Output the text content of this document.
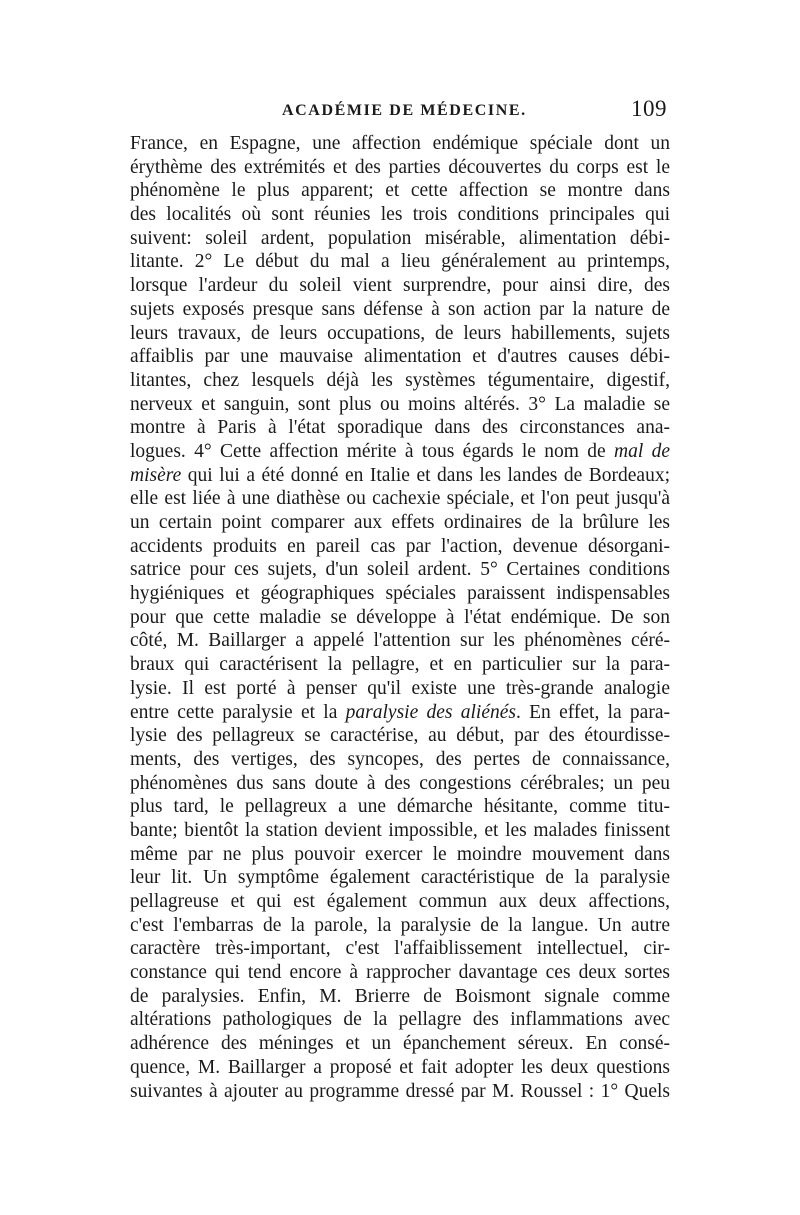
ACADÉMIE DE MÉDECINE.	109
France, en Espagne, une affection endémique spéciale dont un
érythème des extrémités et des parties découvertes du corps est le
phénomène le plus apparent; et cette affection se montre dans
des localités où sont réunies les trois conditions principales qui
suivent: soleil ardent, population misérable, alimentation débi-
litante. 2° Le début du mal a lieu généralement au printemps,
lorsque l'ardeur du soleil vient surprendre, pour ainsi dire, des
sujets exposés presque sans défense à son action par la nature de
leurs travaux, de leurs occupations, de leurs habillements, sujets
affaiblis par une mauvaise alimentation et d'autres causes débi-
litantes, chez lesquels déjà les systèmes tégumentaire, digestif,
nerveux et sanguin, sont plus ou moins altérés. 3° La maladie se
montre à Paris à l'état sporadique dans des circonstances ana-
logues. 4° Cette affection mérite à tous égards le nom de mal de
misère qui lui a été donné en Italie et dans les landes de Bordeaux;
elle est liée à une diathèse ou cachexie spéciale, et l'on peut jusqu'à
un certain point comparer aux effets ordinaires de la brûlure les
accidents produits en pareil cas par l'action, devenue désorgani-
satrice pour ces sujets, d'un soleil ardent. 5° Certaines conditions
hygiéniques et géographiques spéciales paraissent indispensables
pour que cette maladie se développe à l'état endémique. De son
côté, M. Baillarger a appelé l'attention sur les phénomènes céré-
braux qui caractérisent la pellagre, et en particulier sur la para-
lysie. Il est porté à penser qu'il existe une très-grande analogie
entre cette paralysie et la paralysie des aliénés. En effet, la para-
lysie des pellagreux se caractérise, au début, par des étourdisse-
ments, des vertiges, des syncopes, des pertes de connaissance,
phénomènes dus sans doute à des congestions cérébrales; un peu
plus tard, le pellagreux a une démarche hésitante, comme titu-
bante; bientôt la station devient impossible, et les malades finissent
même par ne plus pouvoir exercer le moindre mouvement dans
leur lit. Un symptôme également caractéristique de la paralysie
pellagreuse et qui est également commun aux deux affections,
c'est l'embarras de la parole, la paralysie de la langue. Un autre
caractère très-important, c'est l'affaiblissement intellectuel, cir-
constance qui tend encore à rapprocher davantage ces deux sortes
de paralysies. Enfin, M. Brierre de Boismont signale comme
altérations pathologiques de la pellagre des inflammations avec
adhérence des méninges et un épanchement séreux. En consé-
quence, M. Baillarger a proposé et fait adopter les deux questions
suivantes à ajouter au programme dressé par M. Roussel : 1° Quels
